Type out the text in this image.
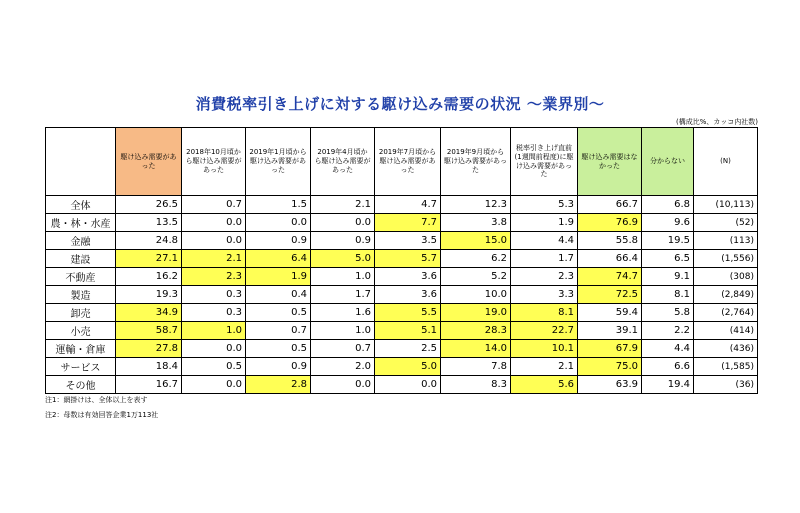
消費税率引き上げに対する駆け込み需要の状況 ～業界別～
(構成比%、カッコ内社数)
	駆け込み需要があった	2018年10月頃から駆け込み需要があった	2019年1月頃から駆け込み需要があった	2019年4月頃から駆け込み需要があった	2019年7月頃から駆け込み需要があった	2019年9月頃から駆け込み需要があった	税率引き上げ直前(1週間前程度)に駆け込み需要があった	駆け込み需要はなかった	分からない	(N)
全体	26.5	0.7	1.5	2.1	4.7	12.3	5.3	66.7	6.8	(10,113)
農・林・水産	13.5	0.0	0.0	0.0	7.7	3.8	1.9	76.9	9.6	(52)
金融	24.8	0.0	0.9	0.9	3.5	15.0	4.4	55.8	19.5	(113)
建設	27.1	2.1	6.4	5.0	5.7	6.2	1.7	66.4	6.5	(1,556)
不動産	16.2	2.3	1.9	1.0	3.6	5.2	2.3	74.7	9.1	(308)
製造	19.3	0.3	0.4	1.7	3.6	10.0	3.3	72.5	8.1	(2,849)
卸売	34.9	0.3	0.5	1.6	5.5	19.0	8.1	59.4	5.8	(2,764)
小売	58.7	1.0	0.7	1.0	5.1	28.3	22.7	39.1	2.2	(414)
運輸・倉庫	27.8	0.0	0.5	0.7	2.5	14.0	10.1	67.9	4.4	(436)
サービス	18.4	0.5	0.9	2.0	5.0	7.8	2.1	75.0	6.6	(1,585)
その他	16.7	0.0	2.8	0.0	0.0	8.3	5.6	63.9	19.4	(36)
注1：網掛けは、全体以上を表す
注2：母数は有効回答企業1万113社
